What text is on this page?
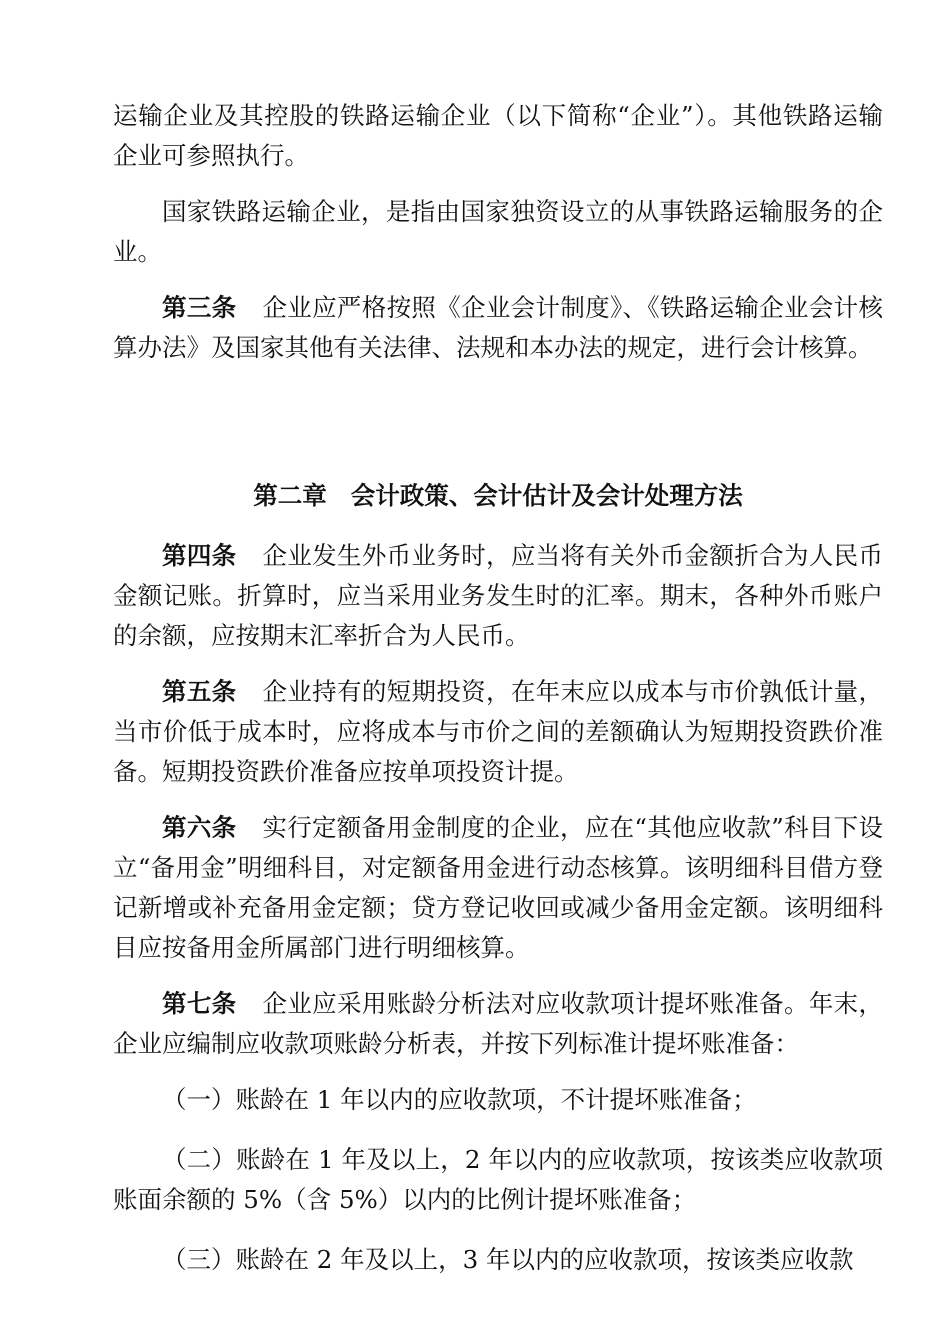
运输企业及其控股的铁路运输企业（以下简称“企业”）。其他铁路运输企业可参照执行。

国家铁路运输企业，是指由国家独资设立的从事铁路运输服务的企业。

第三条 企业应严格按照《企业会计制度》、《铁路运输企业会计核算办法》及国家其他有关法律、法规和本办法的规定，进行会计核算。

第二章 会计政策、会计估计及会计处理方法

第四条 企业发生外币业务时，应当将有关外币金额折合为人民币金额记账。折算时，应当采用业务发生时的汇率。期末，各种外币账户的余额，应按期末汇率折合为人民币。

第五条 企业持有的短期投资，在年末应以成本与市价孰低计量，当市价低于成本时，应将成本与市价之间的差额确认为短期投资跌价准备。短期投资跌价准备应按单项投资计提。

第六条 实行定额备用金制度的企业，应在“其他应收款”科目下设立“备用金”明细科目，对定额备用金进行动态核算。该明细科目借方登记新增或补充备用金定额；贷方登记收回或减少备用金定额。该明细科目应按备用金所属部门进行明细核算。

第七条 企业应采用账龄分析法对应收款项计提坏账准备。年末，企业应编制应收款项账龄分析表，并按下列标准计提坏账准备：

（一）账龄在 1 年以内的应收款项，不计提坏账准备；

（二）账龄在 1 年及以上，2 年以内的应收款项，按该类应收款项账面余额的 5%（含 5%）以内的比例计提坏账准备；

（三）账龄在 2 年及以上，3 年以内的应收款项，按该类应收款
